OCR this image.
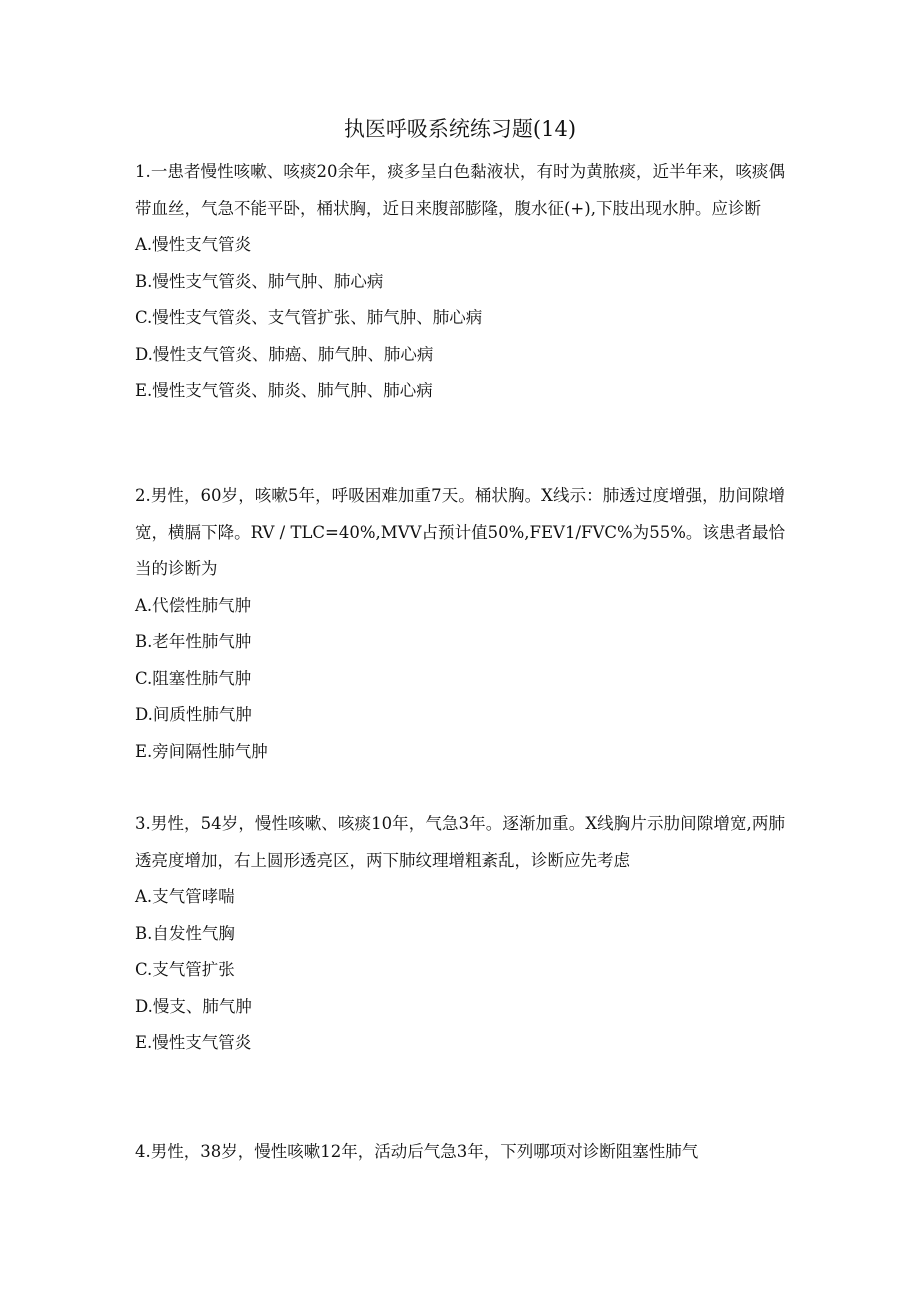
执医呼吸系统练习题(14)

1.一患者慢性咳嗽、咳痰20余年，痰多呈白色黏液状，有时为黄脓痰，近半年来，咳痰偶带血丝，气急不能平卧，桶状胸，近日来腹部膨隆，腹水征(+),下肢出现水肿。应诊断

A.慢性支气管炎

B.慢性支气管炎、肺气肿、肺心病

C.慢性支气管炎、支气管扩张、肺气肿、肺心病

D.慢性支气管炎、肺癌、肺气肿、肺心病

E.慢性支气管炎、肺炎、肺气肿、肺心病

2.男性，60岁，咳嗽5年，呼吸困难加重7天。桶状胸。X线示：肺透过度增强，肋间隙增宽，横膈下降。RV / TLC=40%,MVV占预计值50%,FEV1/FVC%为55%。该患者最恰当的诊断为

A.代偿性肺气肿

B.老年性肺气肿

C.阻塞性肺气肿

D.间质性肺气肿

E.旁间隔性肺气肿

3.男性，54岁，慢性咳嗽、咳痰10年，气急3年。逐渐加重。X线胸片示肋间隙增宽,两肺透亮度增加，右上圆形透亮区，两下肺纹理增粗紊乱，诊断应先考虑

A.支气管哮喘

B.自发性气胸

C.支气管扩张

D.慢支、肺气肿

E.慢性支气管炎

4.男性，38岁，慢性咳嗽12年，活动后气急3年，下列哪项对诊断阻塞性肺气
